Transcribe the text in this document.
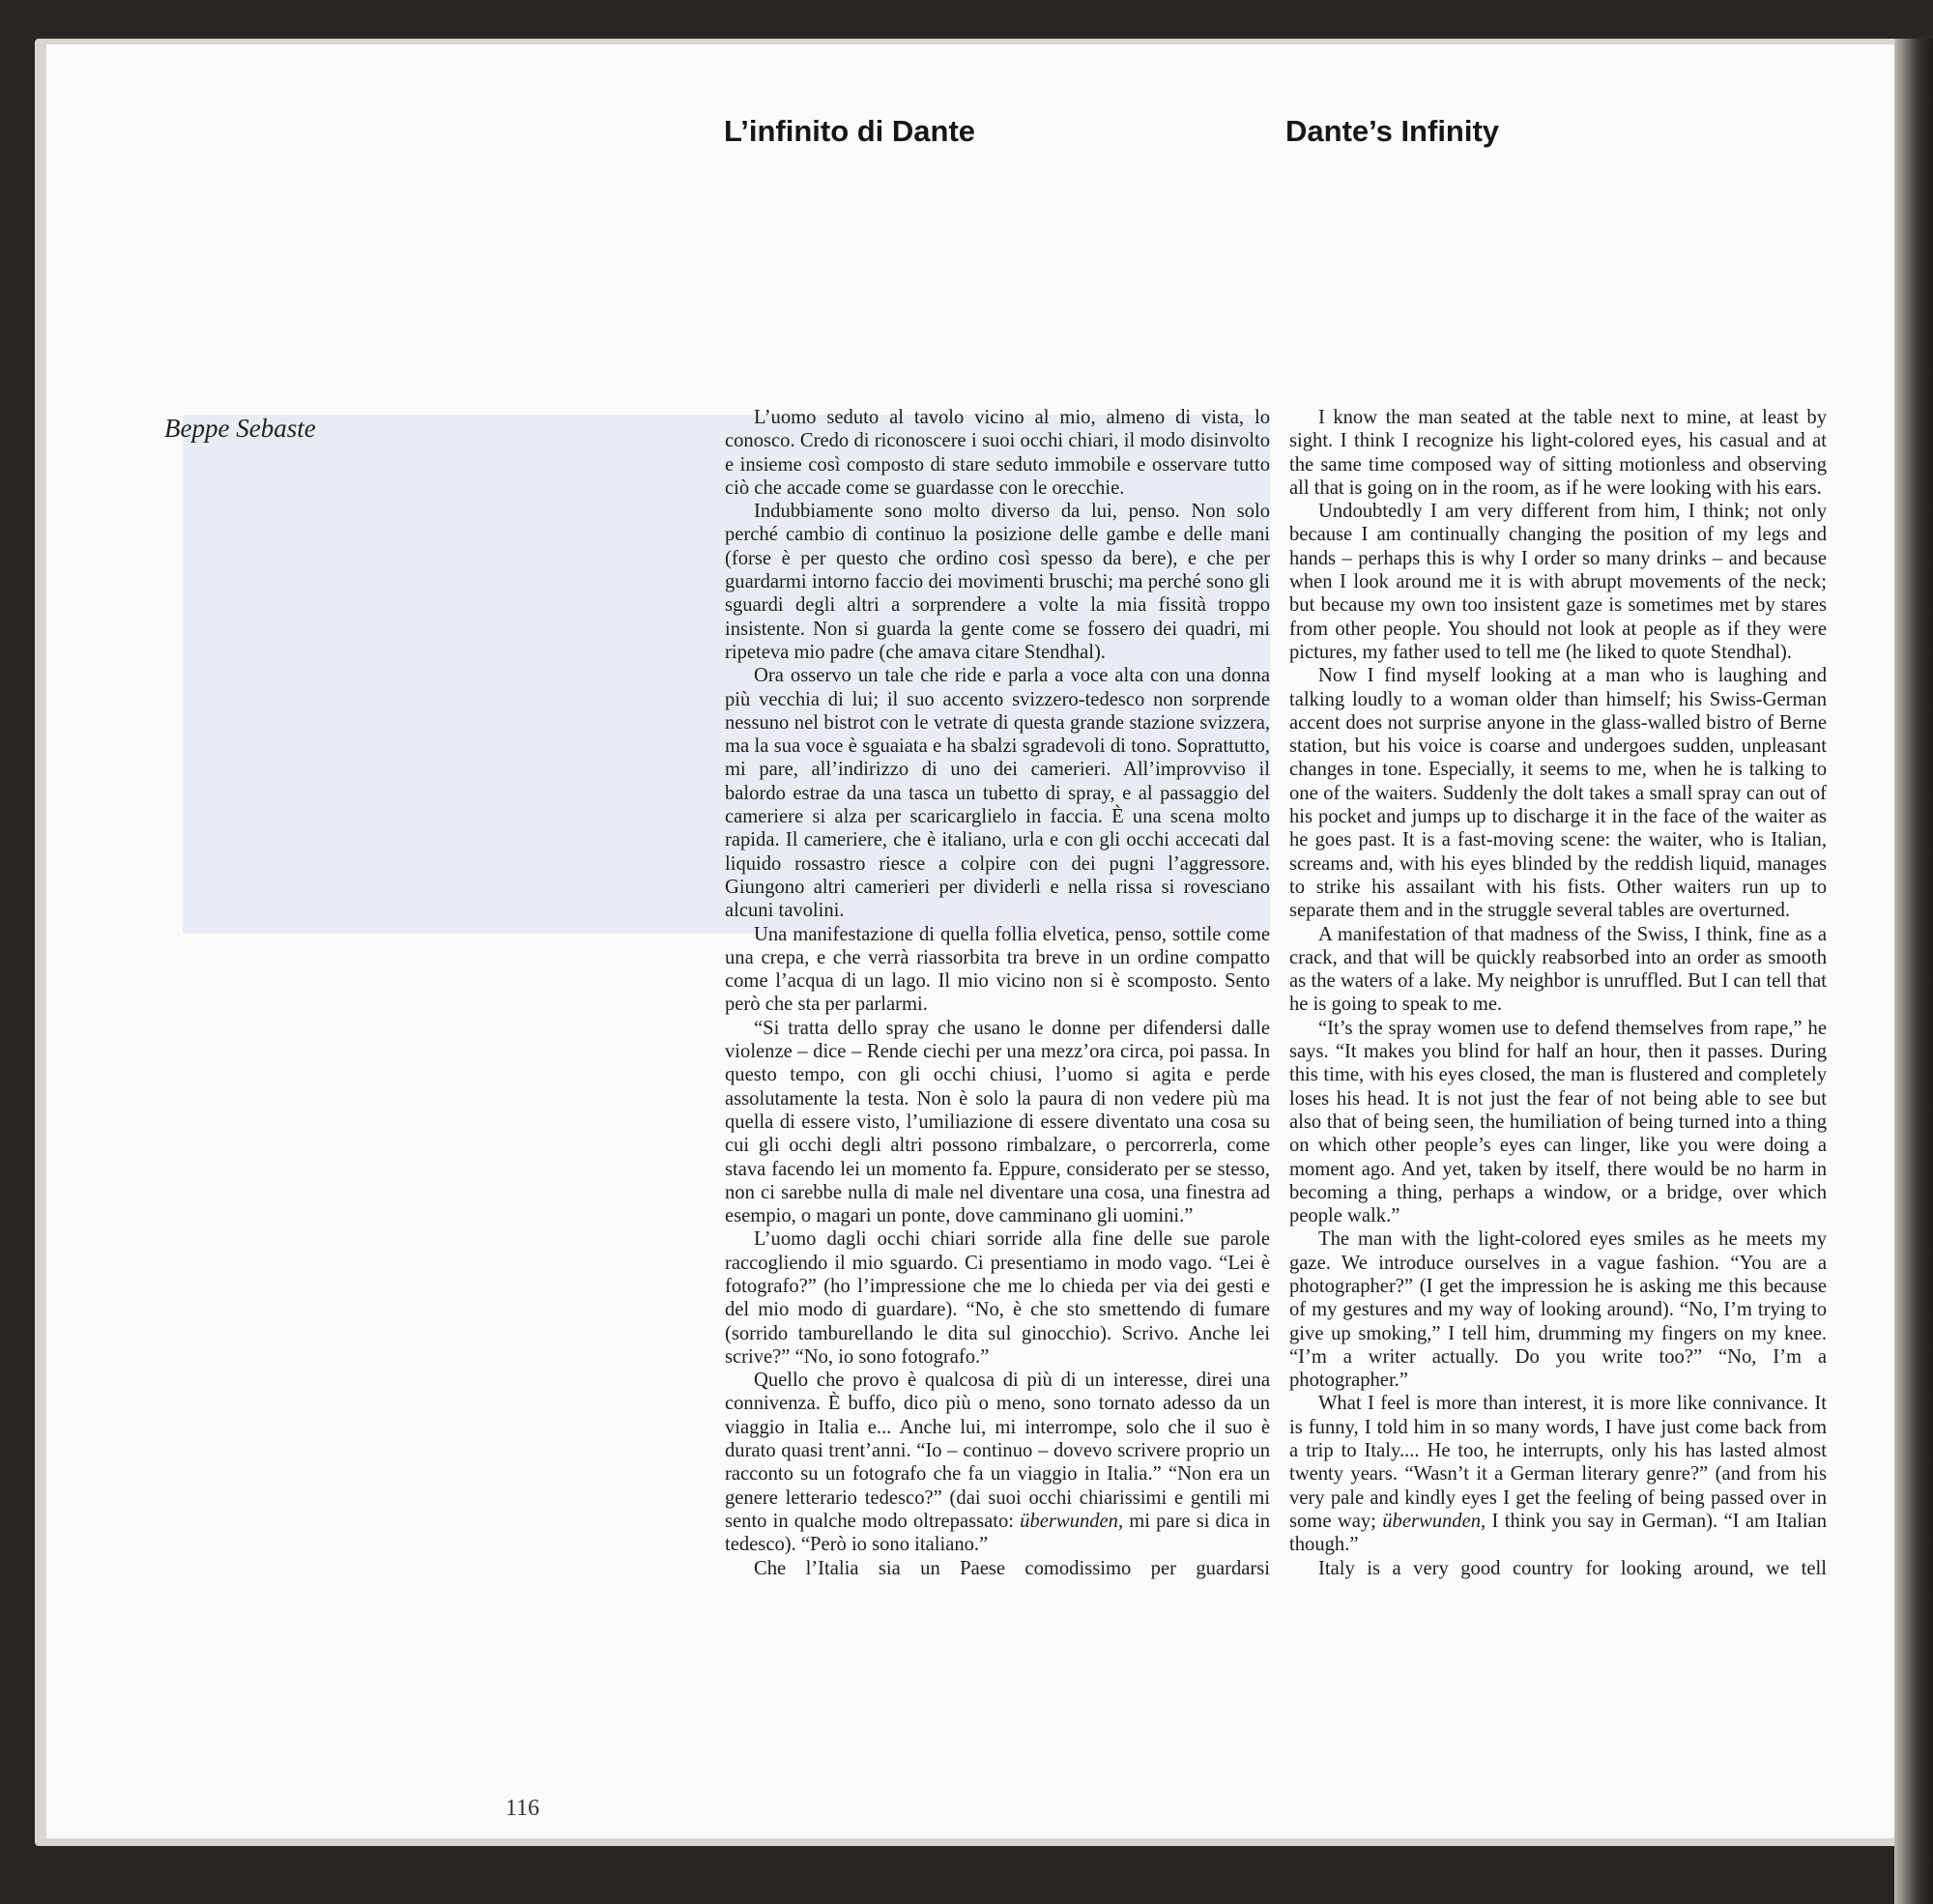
L’infinito di Dante	Dante’s Infinity
Beppe Sebaste	L’uomo seduto al tavolo vicino al mio, almeno di vista, lo conosco. Credo di riconoscere i suoi occhi chiari, il modo disinvolto e insieme così composto di stare seduto immobile e osservare tutto ciò che accade come se guardasse con le orecchie.

Indubbiamente sono molto diverso da lui, penso. Non solo perché cambio di continuo la posizione delle gambe e delle mani (forse è per questo che ordino così spesso da bere), e che per guardarmi intorno faccio dei movimenti bruschi; ma perché sono gli sguardi degli altri a sorprendere a volte la mia fissità troppo insistente. Non si guarda la gente come se fossero dei quadri, mi ripeteva mio padre (che amava citare Stendhal).

Ora osservo un tale che ride e parla a voce alta con una donna più vecchia di lui; il suo accento svizzero-tedesco non sorprende nessuno nel bistrot con le vetrate di questa grande stazione svizzera, ma la sua voce è sguaiata e ha sbalzi sgradevoli di tono. Soprattutto, mi pare, all’indirizzo di uno dei camerieri. All’improvviso il balordo estrae da una tasca un tubetto di spray, e al passaggio del cameriere si alza per scaricarglielo in faccia. È una scena molto rapida. Il cameriere, che è italiano, urla e con gli occhi accecati dal liquido rossastro riesce a colpire con dei pugni l’aggressore. Giungono altri camerieri per dividerli e nella rissa si rovesciano alcuni tavolini.

Una manifestazione di quella follia elvetica, penso, sottile come una crepa, e che verrà riassorbita tra breve in un ordine compatto come l’acqua di un lago. Il mio vicino non si è scomposto. Sento però che sta per parlarmi.

“Si tratta dello spray che usano le donne per difendersi dalle violenze – dice – Rende ciechi per una mezz’ora circa, poi passa. In questo tempo, con gli occhi chiusi, l’uomo si agita e perde assolutamente la testa. Non è solo la paura di non vedere più ma quella di essere visto, l’umiliazione di essere diventato una cosa su cui gli occhi degli altri possono rimbalzare, o percorrerla, come stava facendo lei un momento fa. Eppure, considerato per se stesso, non ci sarebbe nulla di male nel diventare una cosa, una finestra ad esempio, o magari un ponte, dove camminano gli uomini.”

L’uomo dagli occhi chiari sorride alla fine delle sue parole raccogliendo il mio sguardo. Ci presentiamo in modo vago. “Lei è fotografo?” (ho l’impressione che me lo chieda per via dei gesti e del mio modo di guardare). “No, è che sto smettendo di fumare (sorrido tamburellando le dita sul ginocchio). Scrivo. Anche lei scrive?” “No, io sono fotografo.”

Quello che provo è qualcosa di più di un interesse, direi una connivenza. È buffo, dico più o meno, sono tornato adesso da un viaggio in Italia e... Anche lui, mi interrompe, solo che il suo è durato quasi trent’anni. “Io – continuo – dovevo scrivere proprio un racconto su un fotografo che fa un viaggio in Italia.” “Non era un genere letterario tedesco?” (dai suoi occhi chiarissimi e gentili mi sento in qualche modo oltrepassato: überwunden, mi pare si dica in tedesco). “Però io sono italiano.”

Che l’Italia sia un Paese comodissimo per guardarsi

I know the man seated at the table next to mine, at least by sight. I think I recognize his light-colored eyes, his casual and at the same time composed way of sitting motionless and observing all that is going on in the room, as if he were looking with his ears.

Undoubtedly I am very different from him, I think; not only because I am continually changing the position of my legs and hands – perhaps this is why I order so many drinks – and because when I look around me it is with abrupt movements of the neck; but because my own too insistent gaze is sometimes met by stares from other people. You should not look at people as if they were pictures, my father used to tell me (he liked to quote Stendhal).

Now I find myself looking at a man who is laughing and talking loudly to a woman older than himself; his Swiss-German accent does not surprise anyone in the glass-walled bistro of Berne station, but his voice is coarse and undergoes sudden, unpleasant changes in tone. Especially, it seems to me, when he is talking to one of the waiters. Suddenly the dolt takes a small spray can out of his pocket and jumps up to discharge it in the face of the waiter as he goes past. It is a fast-moving scene: the waiter, who is Italian, screams and, with his eyes blinded by the reddish liquid, manages to strike his assailant with his fists. Other waiters run up to separate them and in the struggle several tables are overturned.

A manifestation of that madness of the Swiss, I think, fine as a crack, and that will be quickly reabsorbed into an order as smooth as the waters of a lake. My neighbor is unruffled. But I can tell that he is going to speak to me.

“It’s the spray women use to defend themselves from rape,” he says. “It makes you blind for half an hour, then it passes. During this time, with his eyes closed, the man is flustered and completely loses his head. It is not just the fear of not being able to see but also that of being seen, the humiliation of being turned into a thing on which other people’s eyes can linger, like you were doing a moment ago. And yet, taken by itself, there would be no harm in becoming a thing, perhaps a window, or a bridge, over which people walk.”

The man with the light-colored eyes smiles as he meets my gaze. We introduce ourselves in a vague fashion. “You are a photographer?” (I get the impression he is asking me this because of my gestures and my way of looking around). “No, I’m trying to give up smoking,” I tell him, drumming my fingers on my knee. “I’m a writer actually. Do you write too?” “No, I’m a photographer.”

What I feel is more than interest, it is more like connivance. It is funny, I told him in so many words, I have just come back from a trip to Italy.... He too, he interrupts, only his has lasted almost twenty years. “Wasn’t it a German literary genre?” (and from his very pale and kindly eyes I get the feeling of being passed over in some way; überwunden, I think you say in German). “I am Italian though.”

Italy is a very good country for looking around, we tell

116
